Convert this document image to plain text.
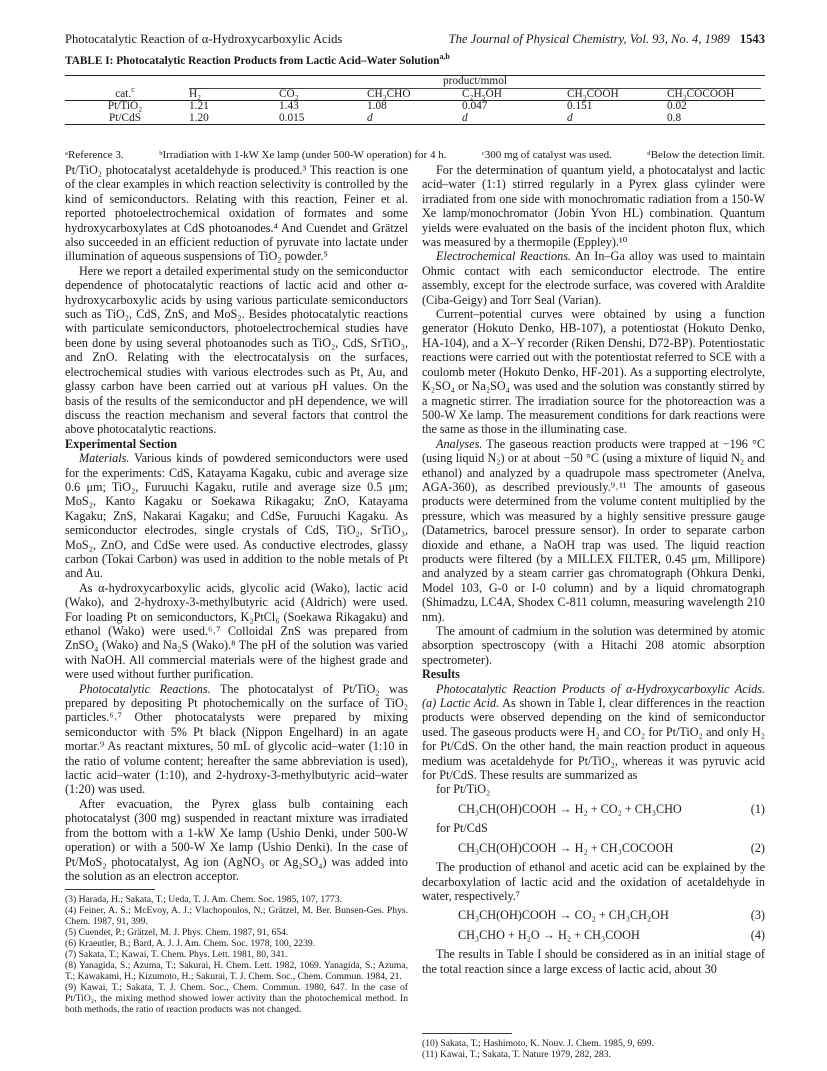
Photocatalytic Reaction of α-Hydroxycarboxylic Acids	The Journal of Physical Chemistry, Vol. 93, No. 4, 1989 1543
TABLE I: Photocatalytic Reaction Products from Lactic Acid–Water Solution$^{a,b}$

	product/mmol					

cat.$^c$	H₂	CO₂	CH₃CHO	C₂H₅OH	CH₃COOH	CH₃COCOOH
Pt/TiO₂	1.21	1.43	1.08	0.047	0.151	0.02
Pt/CdS	1.20	0.015	d	d	d	0.8
ᵃReference 3.	ᵇIrradiation with 1-kW Xe lamp (under 500-W operation) for 4 h.	ᶜ300 mg of catalyst was used.	ᵈBelow the detection limit.

Pt/TiO₂ photocatalyst acetaldehyde is produced.³ This reaction is one of the clear examples in which reaction selectivity is controlled by the kind of semiconductors. Relating with this reaction, Feiner et al. reported photoelectrochemical oxidation of formates and some hydroxycarboxylates at CdS photoanodes.⁴ And Cuendet and Grätzel also succeeded in an efficient reduction of pyruvate into lactate under illumination of aqueous suspensions of TiO₂ powder.⁵

Here we report a detailed experimental study on the semiconductor dependence of photocatalytic reactions of lactic acid and other α-hydroxycarboxylic acids by using various particulate semiconductors such as TiO₂, CdS, ZnS, and MoS₂. Besides photocatalytic reactions with particulate semiconductors, photoelectrochemical studies have been done by using several photoanodes such as TiO₂, CdS, SrTiO₃, and ZnO. Relating with the electrocatalysis on the surfaces, electrochemical studies with various electrodes such as Pt, Au, and glassy carbon have been carried out at various pH values. On the basis of the results of the semiconductor and pH dependence, we will discuss the reaction mechanism and several factors that control the above photocatalytic reactions.

Experimental Section

Materials. Various kinds of powdered semiconductors were used for the experiments: CdS, Katayama Kagaku, cubic and average size 0.6 μm; TiO₂, Furuuchi Kagaku, rutile and average size 0.5 μm; MoS₂, Kanto Kagaku or Soekawa Rikagaku; ZnO, Katayama Kagaku; ZnS, Nakarai Kagaku; and CdSe, Furuuchi Kagaku. As semiconductor electrodes, single crystals of CdS, TiO₂, SrTiO₃, MoS₂, ZnO, and CdSe were used. As conductive electrodes, glassy carbon (Tokai Carbon) was used in addition to the noble metals of Pt and Au.

As α-hydroxycarboxylic acids, glycolic acid (Wako), lactic acid (Wako), and 2-hydroxy-3-methylbutyric acid (Aldrich) were used. For loading Pt on semiconductors, K₂PtCl₆ (Soekawa Rikagaku) and ethanol (Wako) were used.⁶˒⁷ Colloidal ZnS was prepared from ZnSO₄ (Wako) and Na₂S (Wako).⁸ The pH of the solution was varied with NaOH. All commercial materials were of the highest grade and were used without further purification.

Photocatalytic Reactions. The photocatalyst of Pt/TiO₂ was prepared by depositing Pt photochemically on the surface of TiO₂ particles.⁶˒⁷ Other photocatalysts were prepared by mixing semiconductor with 5% Pt black (Nippon Engelhard) in an agate mortar.⁹ As reactant mixtures, 50 mL of glycolic acid–water (1:10 in the ratio of volume content; hereafter the same abbreviation is used), lactic acid–water (1:10), and 2-hydroxy-3-methylbutyric acid–water (1:20) was used.

After evacuation, the Pyrex glass bulb containing each photocatalyst (300 mg) suspended in reactant mixture was irradiated from the bottom with a 1-kW Xe lamp (Ushio Denki, under 500-W operation) or with a 500-W Xe lamp (Ushio Denki). In the case of Pt/MoS₂ photocatalyst, Ag ion (AgNO₃ or Ag₂SO₄) was added into the solution as an electron acceptor.

(3) Harada, H.; Sakata, T.; Ueda, T. J. Am. Chem. Soc. 1985, 107, 1773.
(4) Feiner, A. S.; McEvoy, A. J.; Vlachopoulos, N.; Grätzel, M. Ber. Bunsen-Ges. Phys. Chem. 1987, 91, 399.
(5) Cuendet, P.; Grätzel, M. J. Phys. Chem. 1987, 91, 654.
(6) Kraeutler, B.; Bard, A. J. J. Am. Chem. Soc. 1978, 100, 2239.
(7) Sakata, T.; Kawai, T. Chem. Phys. Lett. 1981, 80, 341.
(8) Yanagida, S.; Azuma, T.; Sakurai, H. Chem. Lett. 1982, 1069. Yanagida, S.; Azuma, T.; Kawakami, H.; Kizumoto, H.; Sakurai, T. J. Chem. Soc., Chem. Commun. 1984, 21.
(9) Kawai, T.; Sakata, T. J. Chem. Soc., Chem. Commun. 1980, 647. In the case of Pt/TiO₂, the mixing method showed lower activity than the photochemical method. In both methods, the ratio of reaction products was not changed.

For the determination of quantum yield, a photocatalyst and lactic acid–water (1:1) stirred regularly in a Pyrex glass cylinder were irradiated from one side with monochromatic radiation from a 150-W Xe lamp/monochromator (Jobin Yvon HL) combination. Quantum yields were evaluated on the basis of the incident photon flux, which was measured by a thermopile (Eppley).¹⁰

Electrochemical Reactions. An In–Ga alloy was used to maintain Ohmic contact with each semiconductor electrode. The entire assembly, except for the electrode surface, was covered with Araldite (Ciba-Geigy) and Torr Seal (Varian).

Current–potential curves were obtained by using a function generator (Hokuto Denko, HB-107), a potentiostat (Hokuto Denko, HA-104), and a X–Y recorder (Riken Denshi, D72-BP). Potentiostatic reactions were carried out with the potentiostat referred to SCE with a coulomb meter (Hokuto Denko, HF-201). As a supporting electrolyte, K₂SO₄ or Na₂SO₄ was used and the solution was constantly stirred by a magnetic stirrer. The irradiation source for the photoreaction was a 500-W Xe lamp. The measurement conditions for dark reactions were the same as those in the illuminating case.

Analyses. The gaseous reaction products were trapped at −196 °C (using liquid N₂) or at about −50 °C (using a mixture of liquid N₂ and ethanol) and analyzed by a quadrupole mass spectrometer (Anelva, AGA-360), as described previously.⁹˒¹¹ The amounts of gaseous products were determined from the volume content multiplied by the pressure, which was measured by a highly sensitive pressure gauge (Datametrics, barocel pressure sensor). In order to separate carbon dioxide and ethane, a NaOH trap was used. The liquid reaction products were filtered (by a MILLEX FILTER, 0.45 μm, Millipore) and analyzed by a steam carrier gas chromatograph (Ohkura Denki, Model 103, G-0 or I-0 column) and by a liquid chromatograph (Shimadzu, LC4A, Shodex C-811 column, measuring wavelength 210 nm).

The amount of cadmium in the solution was determined by atomic absorption spectroscopy (with a Hitachi 208 atomic absorption spectrometer).

Results

Photocatalytic Reaction Products of α-Hydroxycarboxylic Acids. (a) Lactic Acid. As shown in Table I, clear differences in the reaction products were observed depending on the kind of semiconductor used. The gaseous products were H₂ and CO₂ for Pt/TiO₂ and only H₂ for Pt/CdS. On the other hand, the main reaction product in aqueous medium was acetaldehyde for Pt/TiO₂, whereas it was pyruvic acid for Pt/CdS. These results are summarized as

for Pt/TiO₂

CH₃CH(OH)COOH → H₂ + CO₂ + CH₃CHO	(1)

for Pt/CdS

CH₃CH(OH)COOH → H₂ + CH₃COCOOH	(2)

The production of ethanol and acetic acid can be explained by the decarboxylation of lactic acid and the oxidation of acetaldehyde in water, respectively.⁷

CH₃CH(OH)COOH → CO₂ + CH₃CH₂OH	(3)
CH₃CHO + H₂O → H₂ + CH₃COOH	(4)

The results in Table I should be considered as in an initial stage of the total reaction since a large excess of lactic acid, about 30

(10) Sakata, T.; Hashimoto, K. Nouv. J. Chem. 1985, 9, 699.
(11) Kawai, T.; Sakata, T. Nature 1979, 282, 283.
